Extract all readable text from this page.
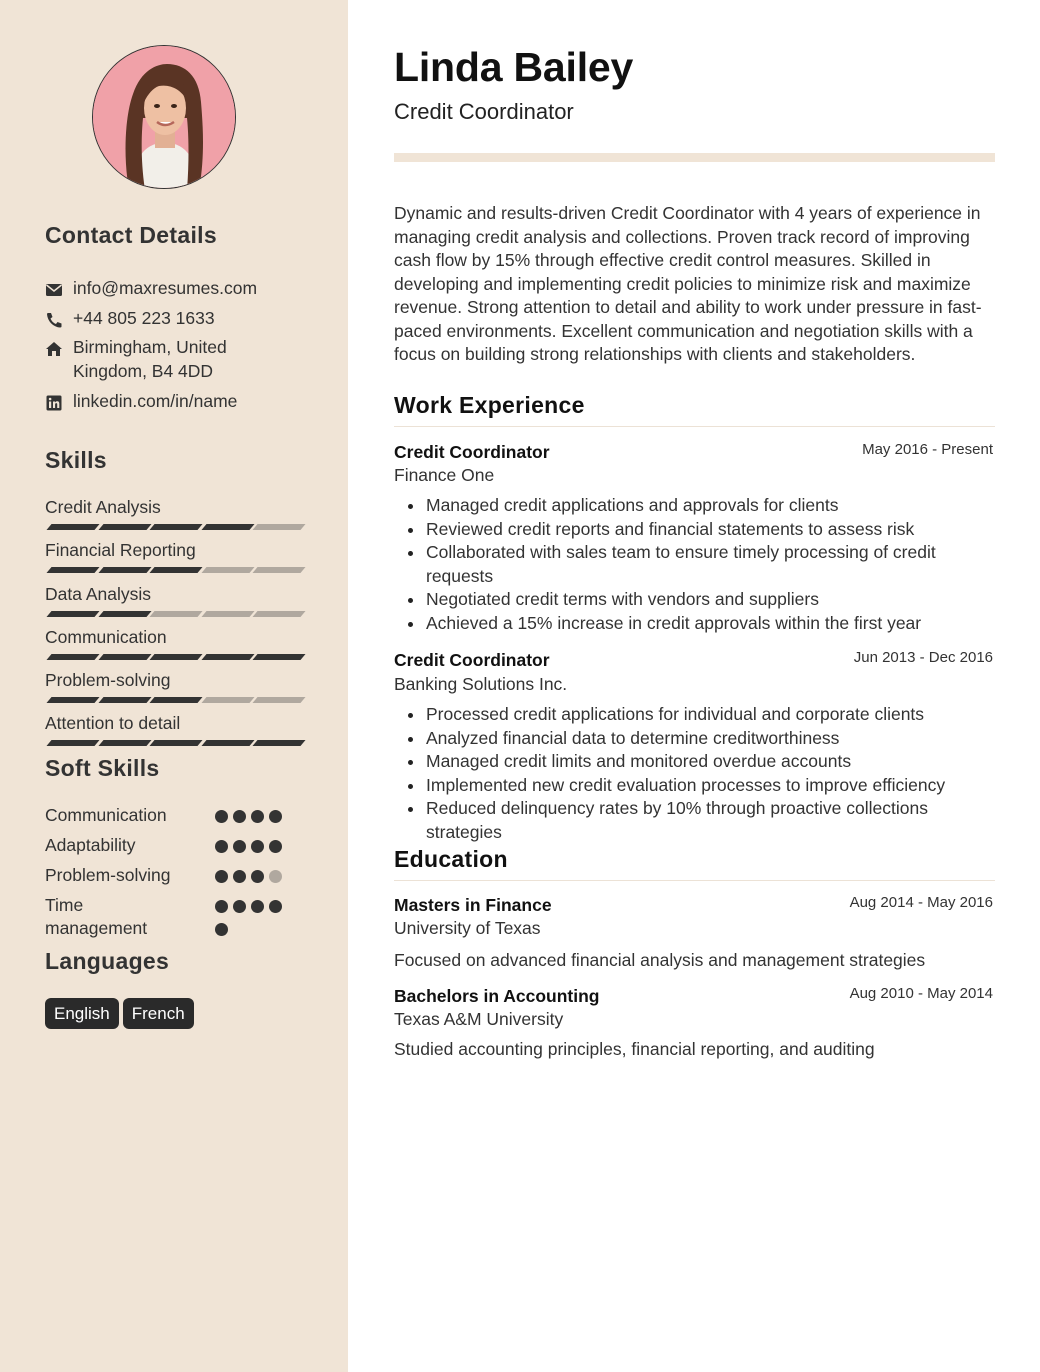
Contact Details
info@maxresumes.com
+44 805 223 1633
Birmingham, United
Kingdom, B4 4DD
linkedin.com/in/name
Skills
Credit Analysis
Financial Reporting
Data Analysis
Communication
Problem-solving
Attention to detail
Soft Skills
Communication
Adaptability
Problem-solving
Time management
Languages
English French
Linda Bailey
Credit Coordinator
Dynamic and results-driven Credit Coordinator with 4 years of experience in managing credit analysis and collections. Proven track record of improving cash flow by 15% through effective credit control measures. Skilled in developing and implementing credit policies to minimize risk and maximize revenue. Strong attention to detail and ability to work under pressure in fast-paced environments. Excellent communication and negotiation skills with a focus on building strong relationships with clients and stakeholders.
Work Experience
Credit Coordinator	May 2016 - Present
Finance One
Managed credit applications and approvals for clients
Reviewed credit reports and financial statements to assess risk
Collaborated with sales team to ensure timely processing of credit requests
Negotiated credit terms with vendors and suppliers
Achieved a 15% increase in credit approvals within the first year
Credit Coordinator	Jun 2013 - Dec 2016
Banking Solutions Inc.
Processed credit applications for individual and corporate clients
Analyzed financial data to determine creditworthiness
Managed credit limits and monitored overdue accounts
Implemented new credit evaluation processes to improve efficiency
Reduced delinquency rates by 10% through proactive collections strategies
Education
Masters in Finance	Aug 2014 - May 2016
University of Texas
Focused on advanced financial analysis and management strategies
Bachelors in Accounting	Aug 2010 - May 2014
Texas A&M University
Studied accounting principles, financial reporting, and auditing
